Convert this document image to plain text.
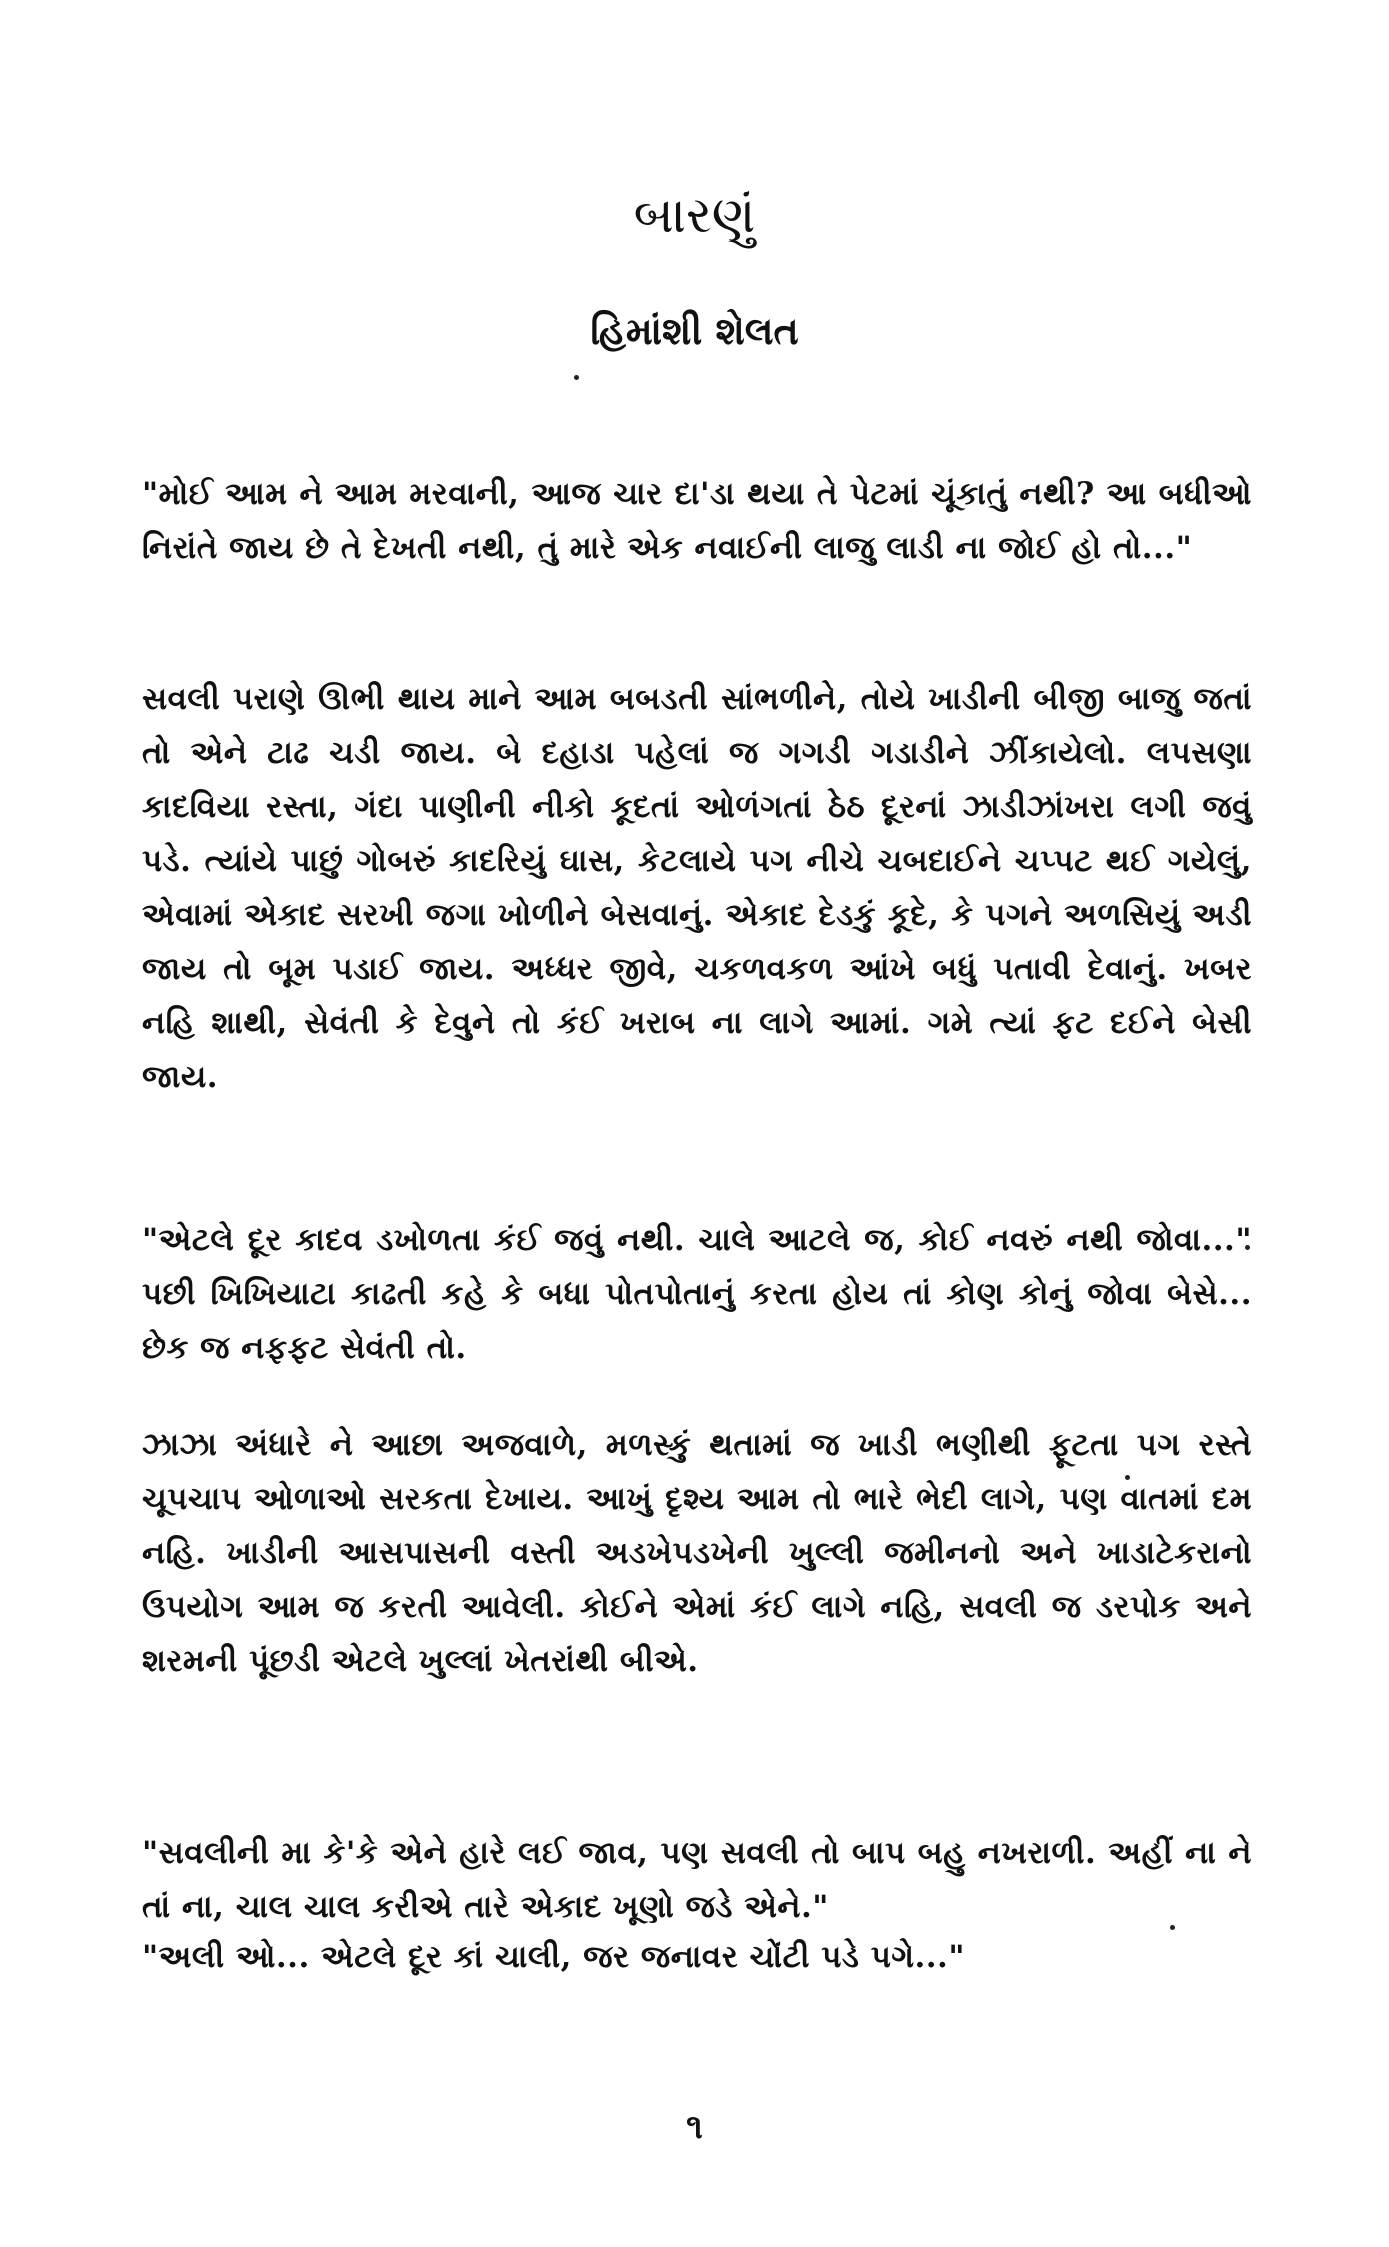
બારણું
હિમાંશી શેલત

"મોઈ આમ ને આમ મરવાની, આજ ચાર દા'ડા થયા તે પેટમાં ચૂંકાતું નથી? આ બધીઓ નિરાંતે જાય છે તે દેખતી નથી, તું મારે એક નવાઈની લાજુ લાડી ના જોઈ હો તો..."

સવલી પરાણે ઊભી થાય માને આમ બબડતી સાંભળીને, તોયે ખાડીની બીજી બાજુ જતાં તો એને ટાઢ ચડી જાય. બે દહાડા પહેલાં જ ગગડી ગડાડીને ઝીંકાયેલો. લપસણા કાદવિયા રસ્તા, ગંદા પાણીની નીકો કૂદતાં ઓળંગતાં ઠેઠ દૂરનાં ઝાડીઝાંખરા લગી જવું પડે. ત્યાંયે પાછું ગોબરું કાદરિયું ઘાસ, કેટલાયે પગ નીચે ચબદાઈને ચપ્પટ થઈ ગયેલું, એવામાં એકાદ સરખી જગા ખોળીને બેસવાનું. એકાદ દેડકું કૂદે, કે પગને અળસિયું અડી જાય તો બૂમ પડાઈ જાય. અધ્ધર જીવે, ચકળવકળ આંખે બધું પતાવી દેવાનું. ખબર નહિ શાથી, સેવંતી કે દેવુને તો કંઈ ખરાબ ના લાગે આમાં. ગમે ત્યાં ફટ દઈને બેસી જાય.

"એટલે દૂર કાદવ ડખોળતા કંઈ જવું નથી. ચાલે આટલે જ, કોઈ નવરું નથી જોવા..." પછી ખિખિયાટા કાઢતી કહે કે બધા પોતપોતાનું કરતા હોય તાં કોણ કોનું જોવા બેસે... છેક જ નફફટ સેવંતી તો.

ઝાઝા અંધારે ને આછા અજવાળે, મળસ્કું થતામાં જ ખાડી ભણીથી ફૂટતા પગ રસ્તે ચૂપચાપ ઓળાઓ સરકતા દેખાય. આખું દૃશ્ય આમ તો ભારે ભેદી લાગે, પણ વાતમાં દમ નહિ. ખાડીની આસપાસની વસ્તી અડખેપડખેની ખુલ્લી જમીનનો અને ખાડાટેકરાનો ઉપયોગ આમ જ કરતી આવેલી. કોઈને એમાં કંઈ લાગે નહિ, સવલી જ ડરપોક અને શરમની પૂંછડી એટલે ખુલ્લાં ખેતરાંથી બીએ.

"સવલીની મા કે'કે એને હારે લઈ જાવ, પણ સવલી તો બાપ બહુ નખરાળી. અહીં ના ને તાં ના, ચાલ ચાલ કરીએ તારે એકાદ ખૂણો જડે એને."

"અલી ઓ... એટલે દૂર કાં ચાલી, જર જનાવર ચોંટી પડે પગે..."

૧
